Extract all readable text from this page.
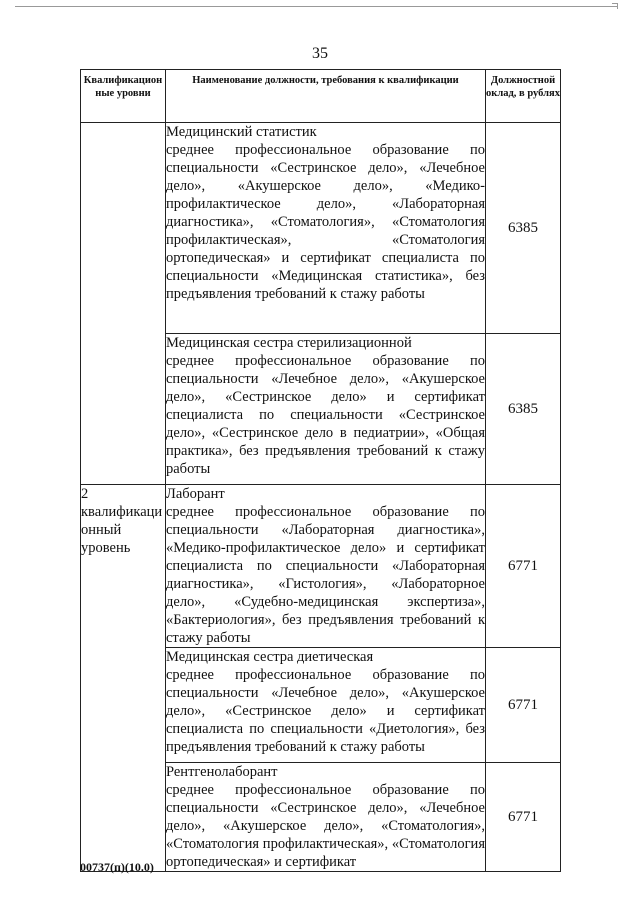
35
Квалификацион ные уровни	Наименование должности, требования к квалификации	Должностной оклад, в рублях

	Медицинский статистик
среднее профессиональное образование по специальности «Сестринское дело», «Лечебное дело», «Акушерское дело», «Медико-профилактическое дело», «Лабораторная диагностика», «Стоматология», «Стоматология профилактическая», «Стоматология ортопедическая» и сертификат специалиста по специальности «Медицинская статистика», без предъявления требований к стажу работы	6385

	Медицинская сестра стерилизационной
среднее профессиональное образование по специальности «Лечебное дело», «Акушерское дело», «Сестринское дело» и сертификат специалиста по специальности «Сестринское дело», «Сестринское дело в педиатрии», «Общая практика», без предъявления требований к стажу работы	6385
2 квалификаци онный уровень	Лаборант
среднее профессиональное образование по специальности «Лабораторная диагностика», «Медико-профилактическое дело» и сертификат специалиста по специальности «Лабораторная диагностика», «Гистология», «Лабораторное дело», «Судебно-медицинская экспертиза», «Бактериология», без предъявления требований к стажу работы	6771

	Медицинская сестра диетическая
среднее профессиональное образование по специальности «Лечебное дело», «Акушерское дело», «Сестринское дело» и сертификат специалиста по специальности «Диетология», без предъявления требований к стажу работы	6771

	Рентгенолаборант
среднее профессиональное образование по специальности «Сестринское дело», «Лечебное дело», «Акушерское дело», «Стоматология», «Стоматология профилактическая», «Стоматология ортопедическая» и сертификат	6771
00737(п)(10.0)
